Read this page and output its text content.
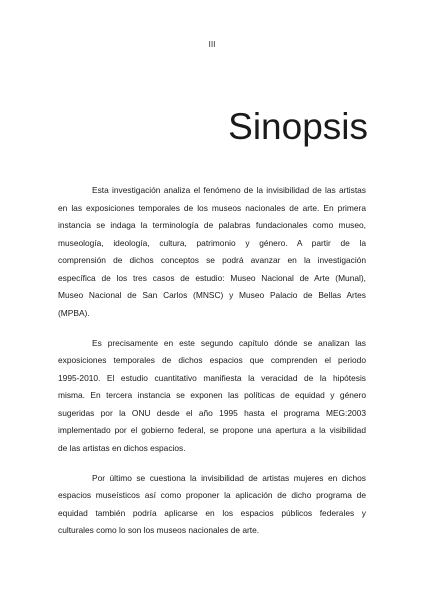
III
Sinopsis
Esta investigación analiza el fenómeno de la invisibilidad de las artistas
en las exposiciones temporales de los museos nacionales de arte. En primera
instancia se indaga la terminología de palabras fundacionales como museo,
museología, ideología, cultura, patrimonio y género. A partir de la
comprensión de dichos conceptos se podrá avanzar en la investigación
específica de los tres casos de estudio: Museo Nacional de Arte (Munal),
Museo Nacional de San Carlos (MNSC) y Museo Palacio de Bellas Artes
(MPBA).
Es precisamente en este segundo capítulo dónde se analizan las
exposiciones temporales de dichos espacios que comprenden el periodo
1995-2010. El estudio cuantitativo manifiesta la veracidad de la hipótesis
misma. En tercera instancia se exponen las políticas de equidad y género
sugeridas por la ONU desde el año 1995 hasta el programa MEG:2003
implementado por el gobierno federal, se propone una apertura a la visibilidad
de las artistas en dichos espacios.
Por último se cuestiona la invisibilidad de artistas mujeres en dichos
espacios museísticos así como proponer la aplicación de dicho programa de
equidad también podría aplicarse en los espacios públicos federales y
culturales como lo son los museos nacionales de arte.
